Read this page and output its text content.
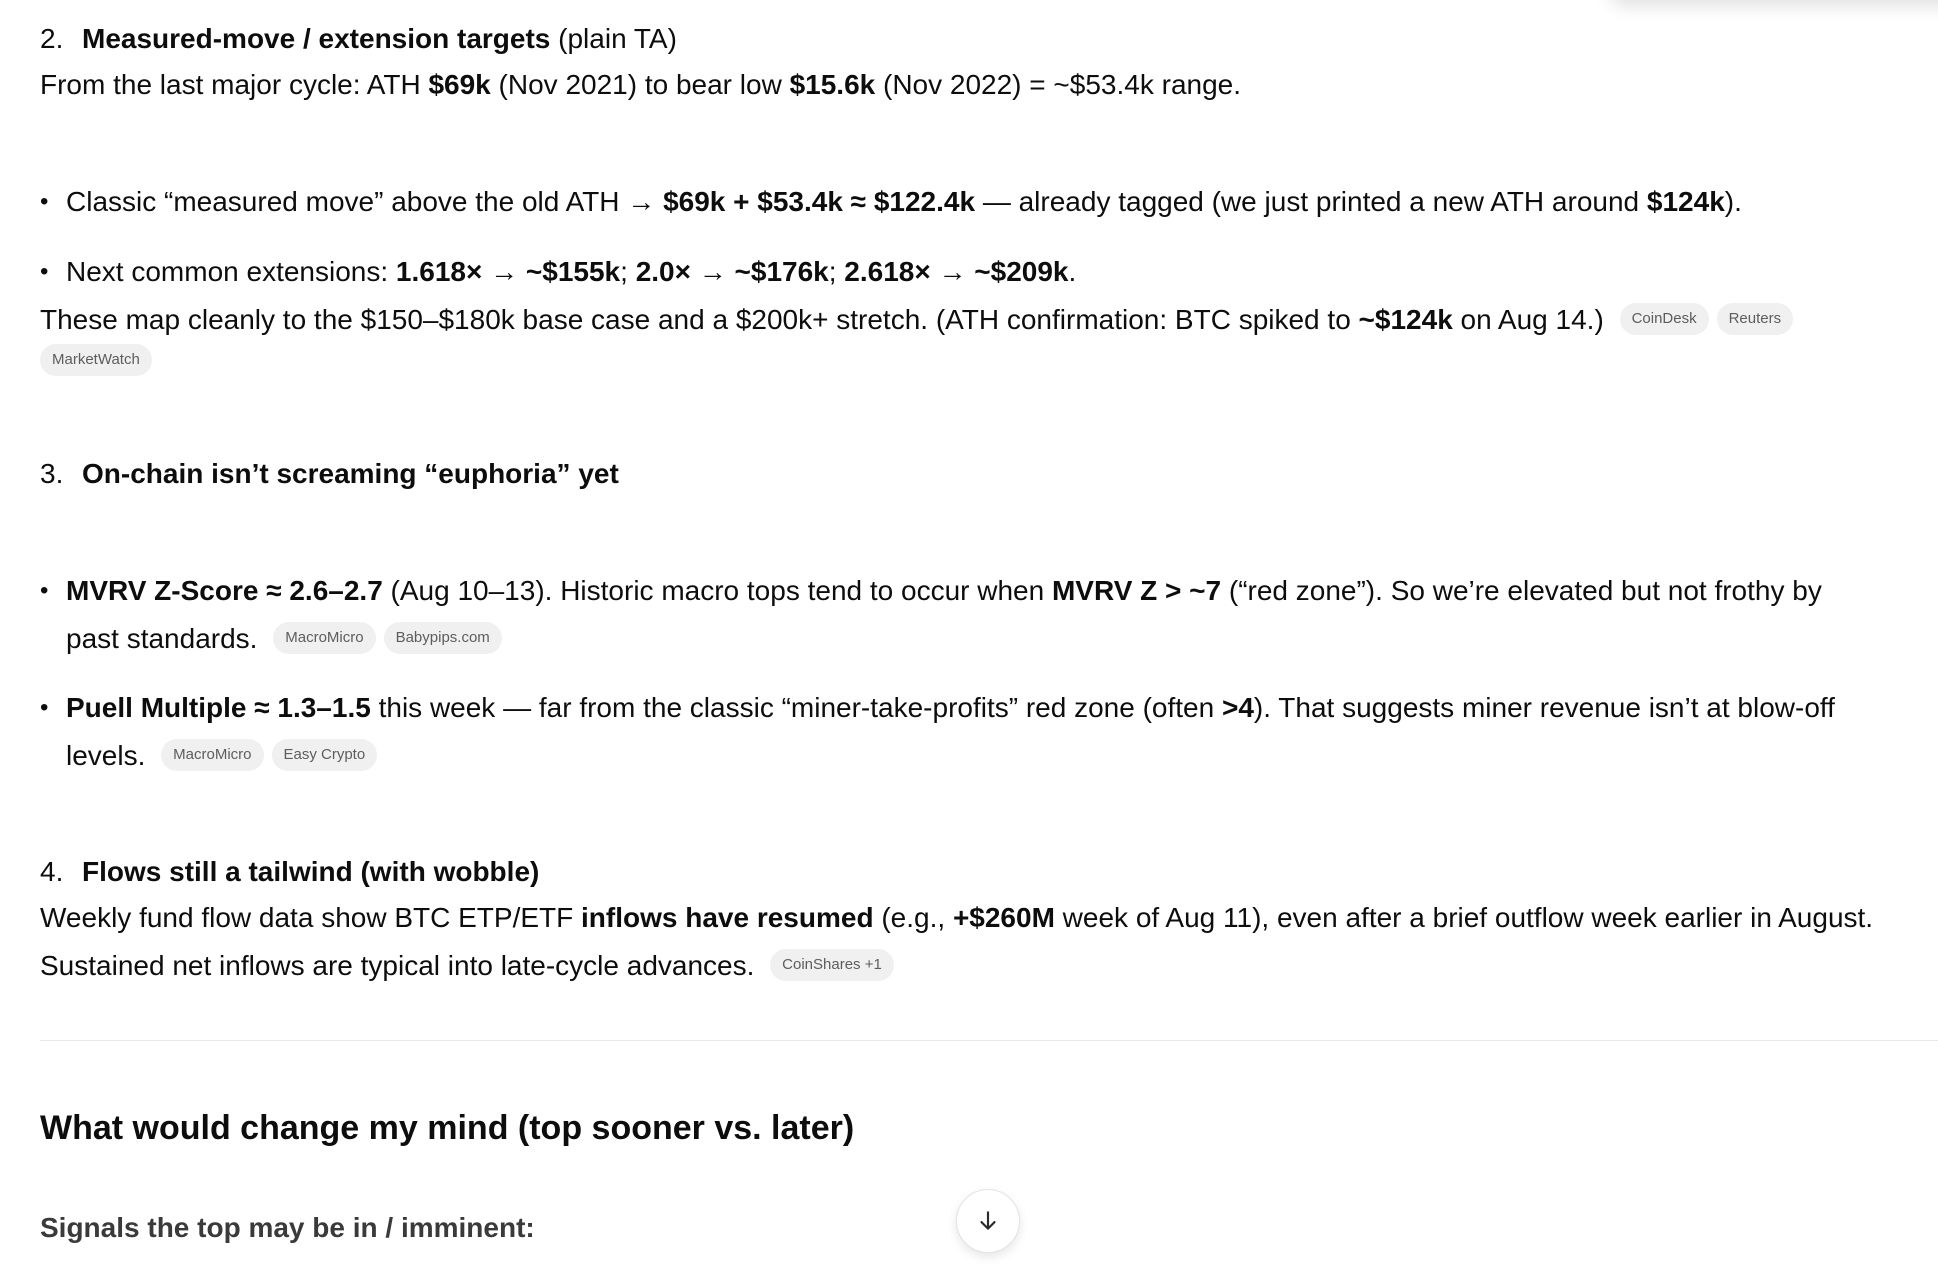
2. Measured-move / extension targets (plain TA)
From the last major cycle: ATH $69k (Nov 2021) to bear low $15.6k (Nov 2022) = ~$53.4k range.
• Classic “measured move” above the old ATH → $69k + $53.4k ≈ $122.4k — already tagged (we just printed a new ATH around $124k).
• Next common extensions: 1.618× → ~$155k; 2.0× → ~$176k; 2.618× → ~$209k.
These map cleanly to the $150–$180k base case and a $200k+ stretch. (ATH confirmation: BTC spiked to ~$124k on Aug 14.) CoinDesk Reuters
MarketWatch
3. On-chain isn’t screaming “euphoria” yet
• MVRV Z-Score ≈ 2.6–2.7 (Aug 10–13). Historic macro tops tend to occur when MVRV Z > ~7 (“red zone”). So we’re elevated but not frothy by
past standards. MacroMicro Babypips.com
• Puell Multiple ≈ 1.3–1.5 this week — far from the classic “miner-take-profits” red zone (often >4). That suggests miner revenue isn’t at blow-off
levels. MacroMicro Easy Crypto
4. Flows still a tailwind (with wobble)
Weekly fund flow data show BTC ETP/ETF inflows have resumed (e.g., +$260M week of Aug 11), even after a brief outflow week earlier in August.
Sustained net inflows are typical into late-cycle advances. CoinShares +1
What would change my mind (top sooner vs. later)
Signals the top may be in / imminent:
